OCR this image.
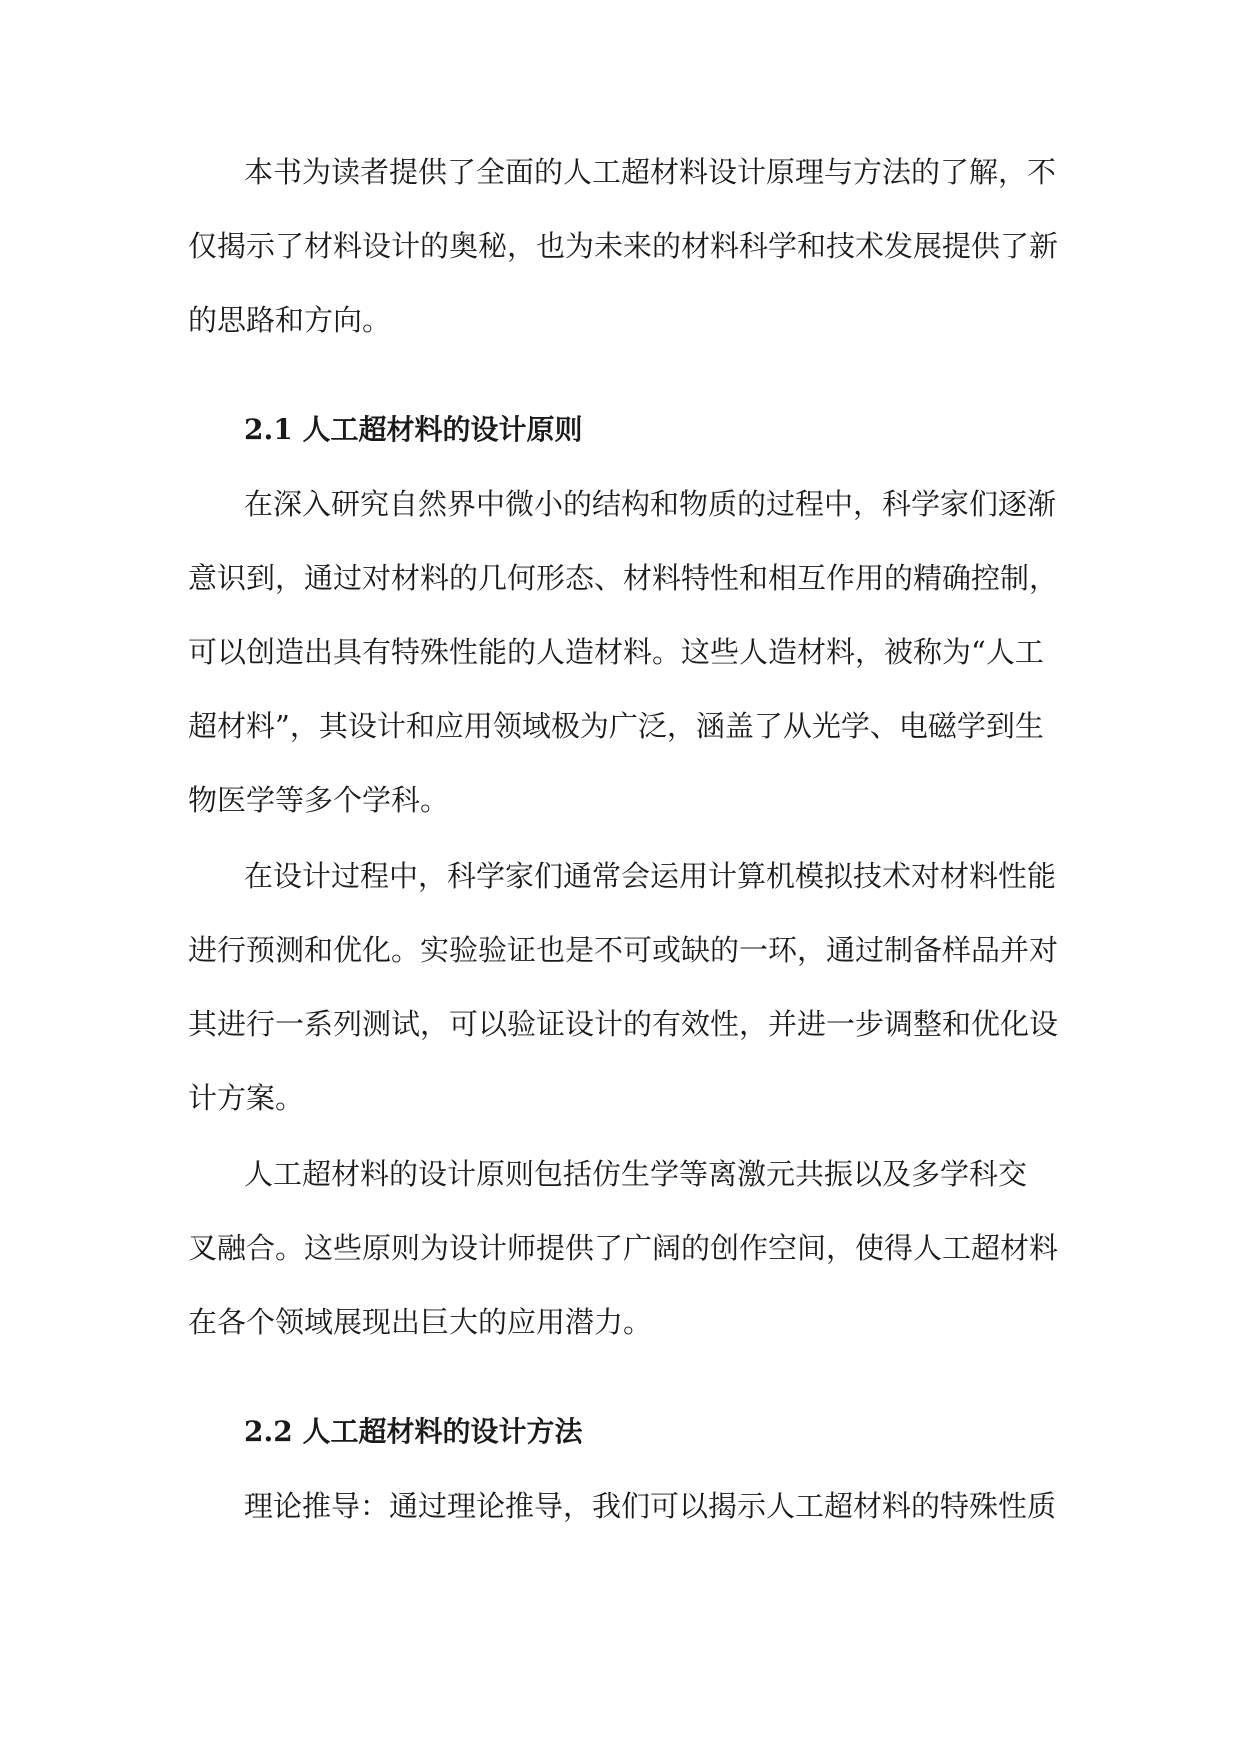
本书为读者提供了全面的人工超材料设计原理与方法的了解，不
仅揭示了材料设计的奥秘，也为未来的材料科学和技术发展提供了新
的思路和方向。
2.1 人工超材料的设计原则
在深入研究自然界中微小的结构和物质的过程中，科学家们逐渐
意识到，通过对材料的几何形态、材料特性和相互作用的精确控制，
可以创造出具有特殊性能的人造材料。这些人造材料，被称为“人工
超材料”，其设计和应用领域极为广泛，涵盖了从光学、电磁学到生
物医学等多个学科。
在设计过程中，科学家们通常会运用计算机模拟技术对材料性能
进行预测和优化。实验验证也是不可或缺的一环，通过制备样品并对
其进行一系列测试，可以验证设计的有效性，并进一步调整和优化设
计方案。
人工超材料的设计原则包括仿生学等离激元共振以及多学科交
叉融合。这些原则为设计师提供了广阔的创作空间，使得人工超材料
在各个领域展现出巨大的应用潜力。
2.2 人工超材料的设计方法
理论推导：通过理论推导，我们可以揭示人工超材料的特殊性质
